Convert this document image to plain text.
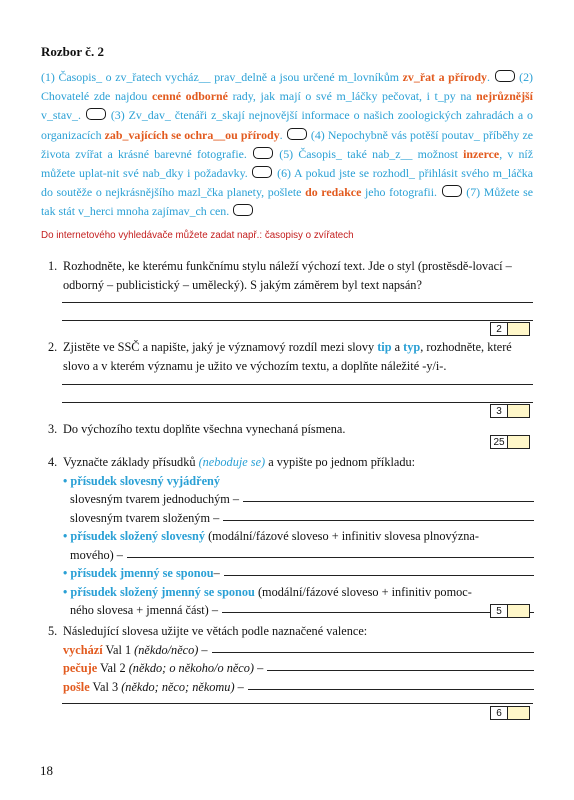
Rozbor č. 2
(1) Časopis_ o zv_řatech vycház__ prav_delně a jsou určené m_lovníkům zv_řat a přírody.  (2) Chovatelé zde najdou cenné odborné rady, jak mají o své m_láčky pečovat, i t_py na nejrůznější v_stav_.  (3) Zv_dav_ čtenáři z_skají nejnovější informace o našich zoologických zahradách a o organizacích zab_vajících se ochra__ou přírody.  (4) Nepochybně vás potěší poutav_ příběhy ze života zvířat a krásné barevné fotografie.  (5) Časopis_ také nab_z__ možnost inzerce, v níž můžete uplat-nit své nab_dky i požadavky.  (6) A pokud jste se rozhodl_ přihlásit svého m_láčka do soutěže o nejkrásnějšího mazl_čka planety, pošlete do redakce jeho fotografii.  (7) Můžete se tak stát v_herci mnoha zajímav_ch cen.
Do internetového vyhledávače můžete zadat např.: časopisy o zvířatech
1. Rozhodněte, ke kterému funkčnímu stylu náleží výchozí text. Jde o styl (prostěsdě-lovací – odborný – publicistický – umělecký). S jakým záměrem byl text napsán?
2
2. Zjistěte ve SSČ a napište, jaký je významový rozdíl mezi slovy tip a typ, rozhodněte, které slovo a v kterém významu je užito ve výchozím textu, a doplňte náležité -y/i-.
3
3. Do výchozího textu doplňte všechna vynechaná písmena.
25
4. Vyznačte základy přísudků (neboduje se) a vypište po jednom příkladu:
• přísudek slovesný vyjádřený
slovesným tvarem jednoduchým –
slovesným tvarem složeným –
• přísudek složený slovesný (modální/fázové sloveso + infinitiv slovesa plnovýzna-
mového) –
•
přísudek jmenný se sponou –
• přísudek složený jmenný se sponou (modální/fázové sloveso + infinitiv pomoc-
ného slovesa + jmenná část) –	5
5. Následující slovesa užijte ve větách podle naznačené valence:
vychází Val 1 (někdo/něco) –
pečuje Val 2 (někdo; o někoho/o něco) –
pošle Val 3 (někdo; něco; někomu) –
6
18
